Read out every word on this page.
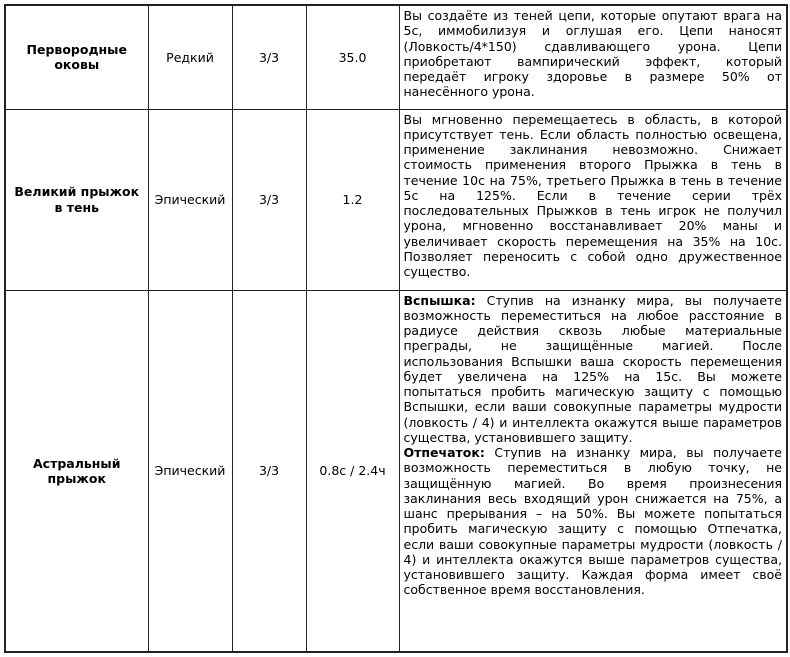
Первородные оковы	Редкий	3/3	35.0	Вы создаёте из теней цепи, которые опутают врага на 5с, иммобилизуя и оглушая его. Цепи наносят (Ловкость/4*150) сдавливающего урона. Цепи приобретают вампирический эффект, который передаёт игроку здоровье в размере 50% от нанесённого урона.

Великий прыжок в тень	Эпический	3/3	1.2	Вы мгновенно перемещаетесь в область, в которой присутствует тень. Если область полностью освещена, применение заклинания невозможно. Снижает стоимость применения второго Прыжка в тень в течение 10с на 75%, третьего Прыжка в тень в течение 5с на 125%. Если в течение серии трёх последовательных Прыжков в тень игрок не получил урона, мгновенно восстанавливает 20% маны и увеличивает скорость перемещения на 35% на 10с. Позволяет переносить с собой одно дружественное существо.

Астральный прыжок	Эпический	3/3	0.8с / 2.4ч	Вспышка: Ступив на изнанку мира, вы получаете возможность переместиться на любое расстояние в радиусе действия сквозь любые материальные преграды, не защищённые магией. После использования Вспышки ваша скорость перемещения будет увеличена на 125% на 15с. Вы можете попытаться пробить магическую защиту с помощью Вспышки, если ваши совокупные параметры мудрости (ловкость / 4) и интеллекта окажутся выше параметров существа, установившего защиту.

Отпечаток: Ступив на изнанку мира, вы получаете возможность переместиться в любую точку, не защищённую магией. Во время произнесения заклинания весь входящий урон снижается на 75%, а шанс прерывания – на 50%. Вы можете попытаться пробить магическую защиту с помощью Отпечатка, если ваши совокупные параметры мудрости (ловкость / 4) и интеллекта окажутся выше параметров существа, установившего защиту. Каждая форма имеет своё собственное время восстановления.
